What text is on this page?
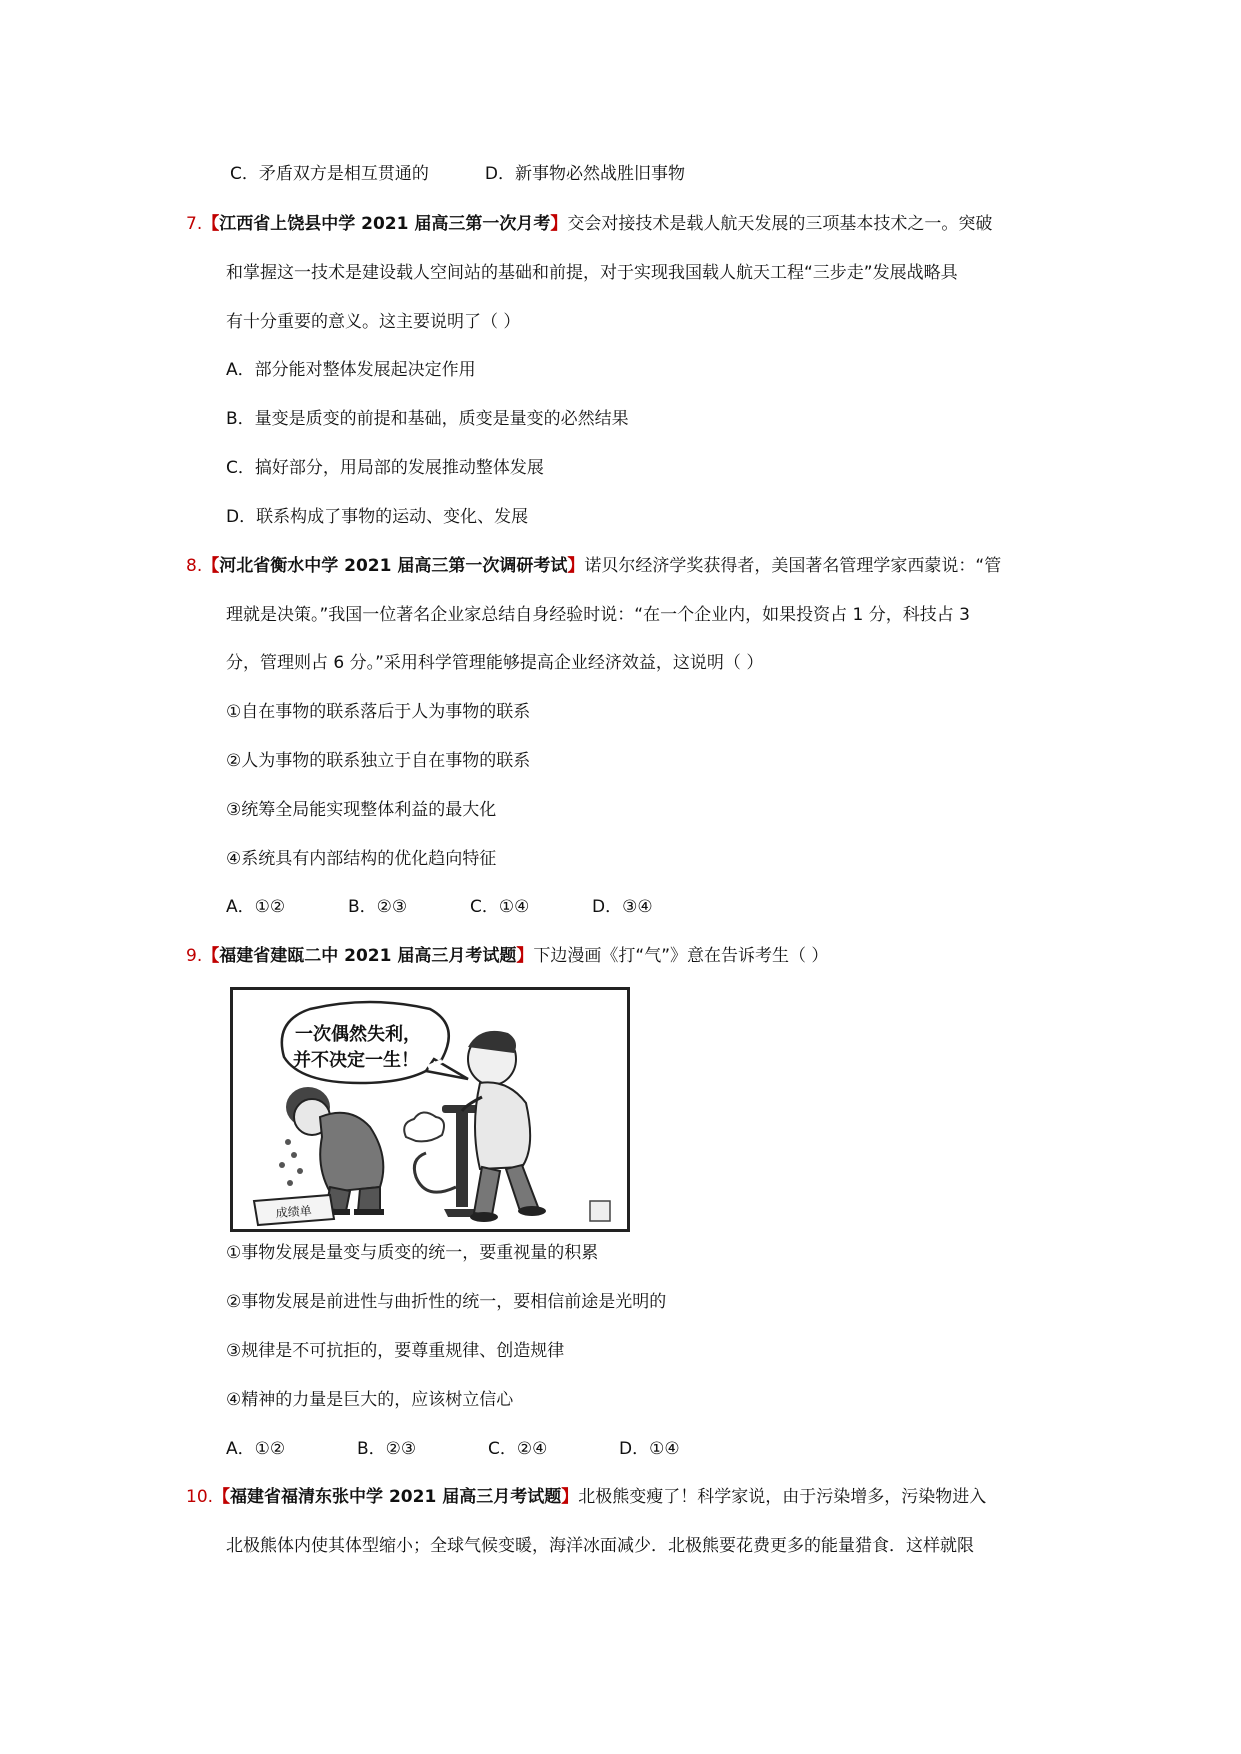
C．矛盾双方是相互贯通的	D．新事物必然战胜旧事物
7.【江西省上饶县中学 2021 届高三第一次月考】交会对接技术是载人航天发展的三项基本技术之一。突破
和掌握这一技术是建设载人空间站的基础和前提，对于实现我国载人航天工程“三步走”发展战略具
有十分重要的意义。这主要说明了（ ）
A．部分能对整体发展起决定作用
B．量变是质变的前提和基础，质变是量变的必然结果
C．搞好部分，用局部的发展推动整体发展
D．联系构成了事物的运动、变化、发展
8.【河北省衡水中学 2021 届高三第一次调研考试】诺贝尔经济学奖获得者，美国著名管理学家西蒙说：“管
理就是决策。”我国一位著名企业家总结自身经验时说：“在一个企业内，如果投资占 1 分，科技占 3
分，管理则占 6 分。”采用科学管理能够提高企业经济效益，这说明（ ）
①自在事物的联系落后于人为事物的联系
②人为事物的联系独立于自在事物的联系
③统筹全局能实现整体利益的最大化
④系统具有内部结构的优化趋向特征
A．①②	B．②③	C．①④	D．③④
9.【福建省建瓯二中 2021 届高三月考试题】下边漫画《打“气”》意在告诉考生（ ）
一次偶然失利，
并不决定一生！
成绩单
①事物发展是量变与质变的统一，要重视量的积累
②事物发展是前进性与曲折性的统一，要相信前途是光明的
③规律是不可抗拒的，要尊重规律、创造规律
④精神的力量是巨大的，应该树立信心
A．①②	B．②③	C．②④	D．①④
10.【福建省福清东张中学 2021 届高三月考试题】北极熊变瘦了！科学家说，由于污染增多，污染物进入
北极熊体内使其体型缩小；全球气候变暖，海洋冰面减少．北极熊要花费更多的能量猎食．这样就限
